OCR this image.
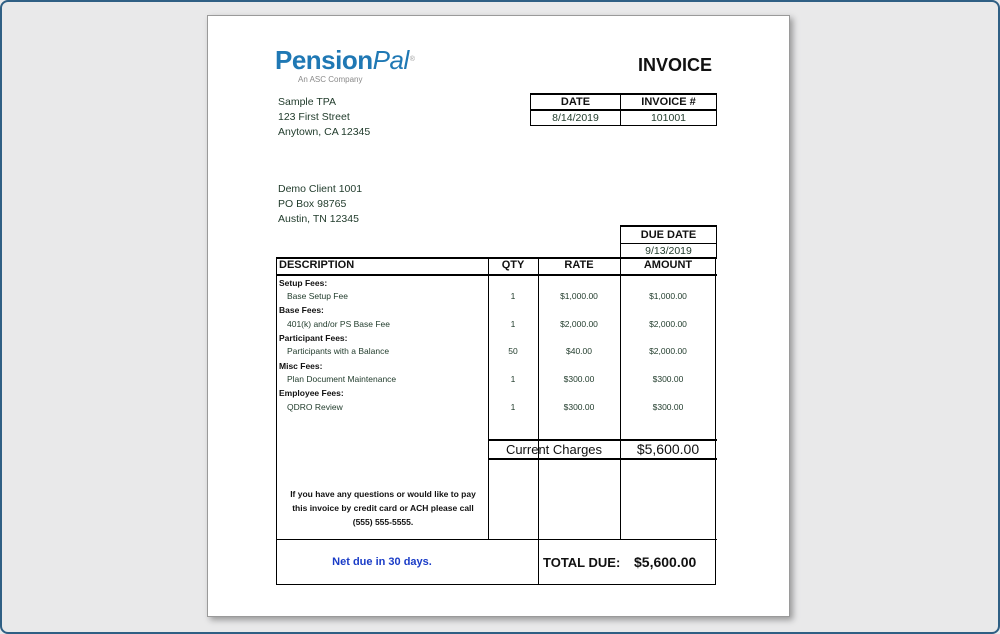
PensionPal®
An ASC Company
INVOICE
Sample TPA
123 First Street
Anytown, CA 12345
Demo Client 1001
PO Box 98765
Austin, TN 12345
DATE	INVOICE #
8/14/2019	101001
DUE DATE
9/13/2019
DESCRIPTION	QTY	RATE	AMOUNT
Setup Fees:
Base Setup Fee	1	$1,000.00	$1,000.00
Base Fees:
401(k) and/or PS Base Fee	1	$2,000.00	$2,000.00
Participant Fees:
Participants with a Balance	50	$40.00	$2,000.00
Misc Fees:
Plan Document Maintenance	1	$300.00	$300.00
Employee Fees:
QDRO Review	1	$300.00	$300.00
Current Charges	$5,600.00
If you have any questions or would like to pay
this invoice by credit card or ACH please call
(555) 555-5555.
Net due in 30 days.	TOTAL DUE: $5,600.00
